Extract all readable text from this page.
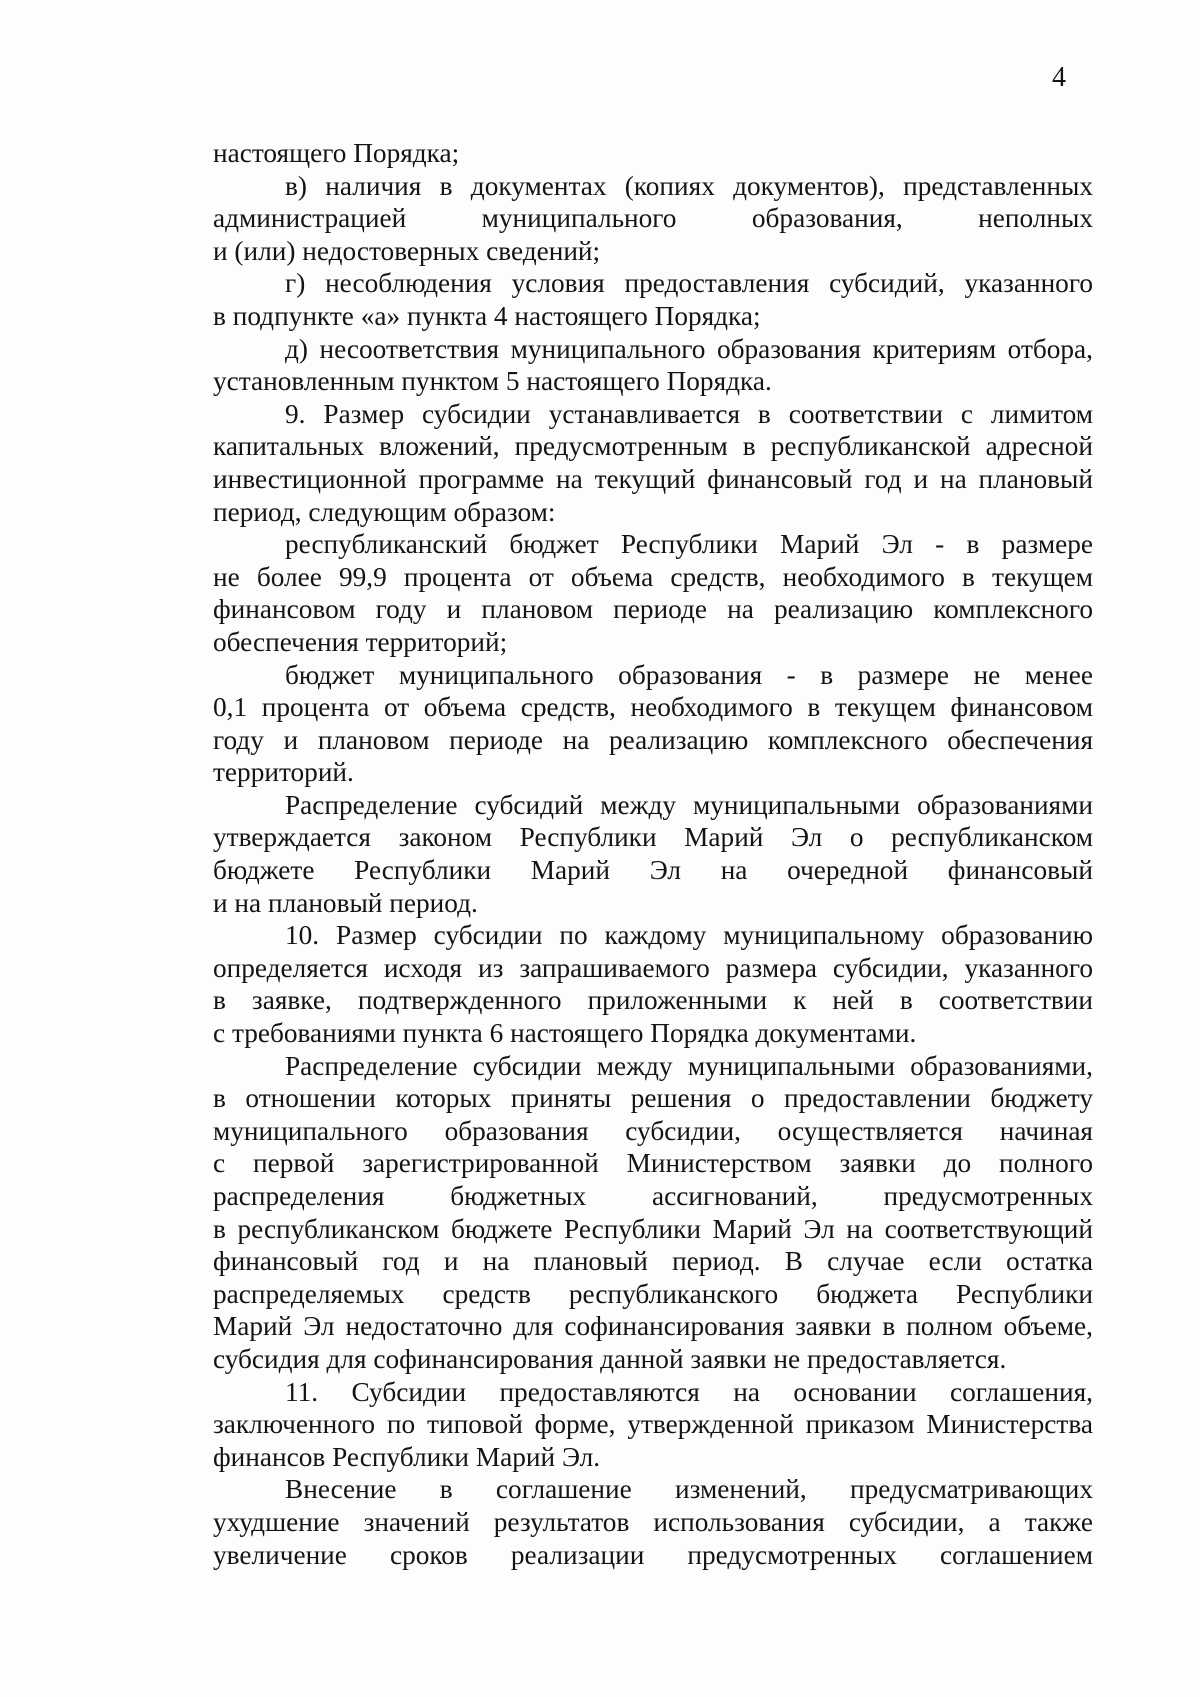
4
настоящего Порядка;
в) наличия в документах (копиях документов), представленных
администрацией муниципального образования, неполных
и (или) недостоверных сведений;
г) несоблюдения условия предоставления субсидий, указанного
в подпункте «а» пункта 4 настоящего Порядка;
д) несоответствия муниципального образования критериям отбора,
установленным пунктом 5 настоящего Порядка.
9. Размер субсидии устанавливается в соответствии с лимитом
капитальных вложений, предусмотренным в республиканской адресной
инвестиционной программе на текущий финансовый год и на плановый
период, следующим образом:
республиканский бюджет Республики Марий Эл - в размере
не более 99,9 процента от объема средств, необходимого в текущем
финансовом году и плановом периоде на реализацию комплексного
обеспечения территорий;
бюджет муниципального образования - в размере не менее
0,1 процента от объема средств, необходимого в текущем финансовом
году и плановом периоде на реализацию комплексного обеспечения
территорий.
Распределение субсидий между муниципальными образованиями
утверждается законом Республики Марий Эл о республиканском
бюджете Республики Марий Эл на очередной финансовый
и на плановый период.
10. Размер субсидии по каждому муниципальному образованию
определяется исходя из запрашиваемого размера субсидии, указанного
в заявке, подтвержденного приложенными к ней в соответствии
с требованиями пункта 6 настоящего Порядка документами.
Распределение субсидии между муниципальными образованиями,
в отношении которых приняты решения о предоставлении бюджету
муниципального образования субсидии, осуществляется начиная
с первой зарегистрированной Министерством заявки до полного
распределения бюджетных ассигнований, предусмотренных
в республиканском бюджете Республики Марий Эл на соответствующий
финансовый год и на плановый период. В случае если остатка
распределяемых средств республиканского бюджета Республики
Марий Эл недостаточно для софинансирования заявки в полном объеме,
субсидия для софинансирования данной заявки не предоставляется.
11. Субсидии предоставляются на основании соглашения,
заключенного по типовой форме, утвержденной приказом Министерства
финансов Республики Марий Эл.
Внесение в соглашение изменений, предусматривающих
ухудшение значений результатов использования субсидии, а также
увеличение сроков реализации предусмотренных соглашением
